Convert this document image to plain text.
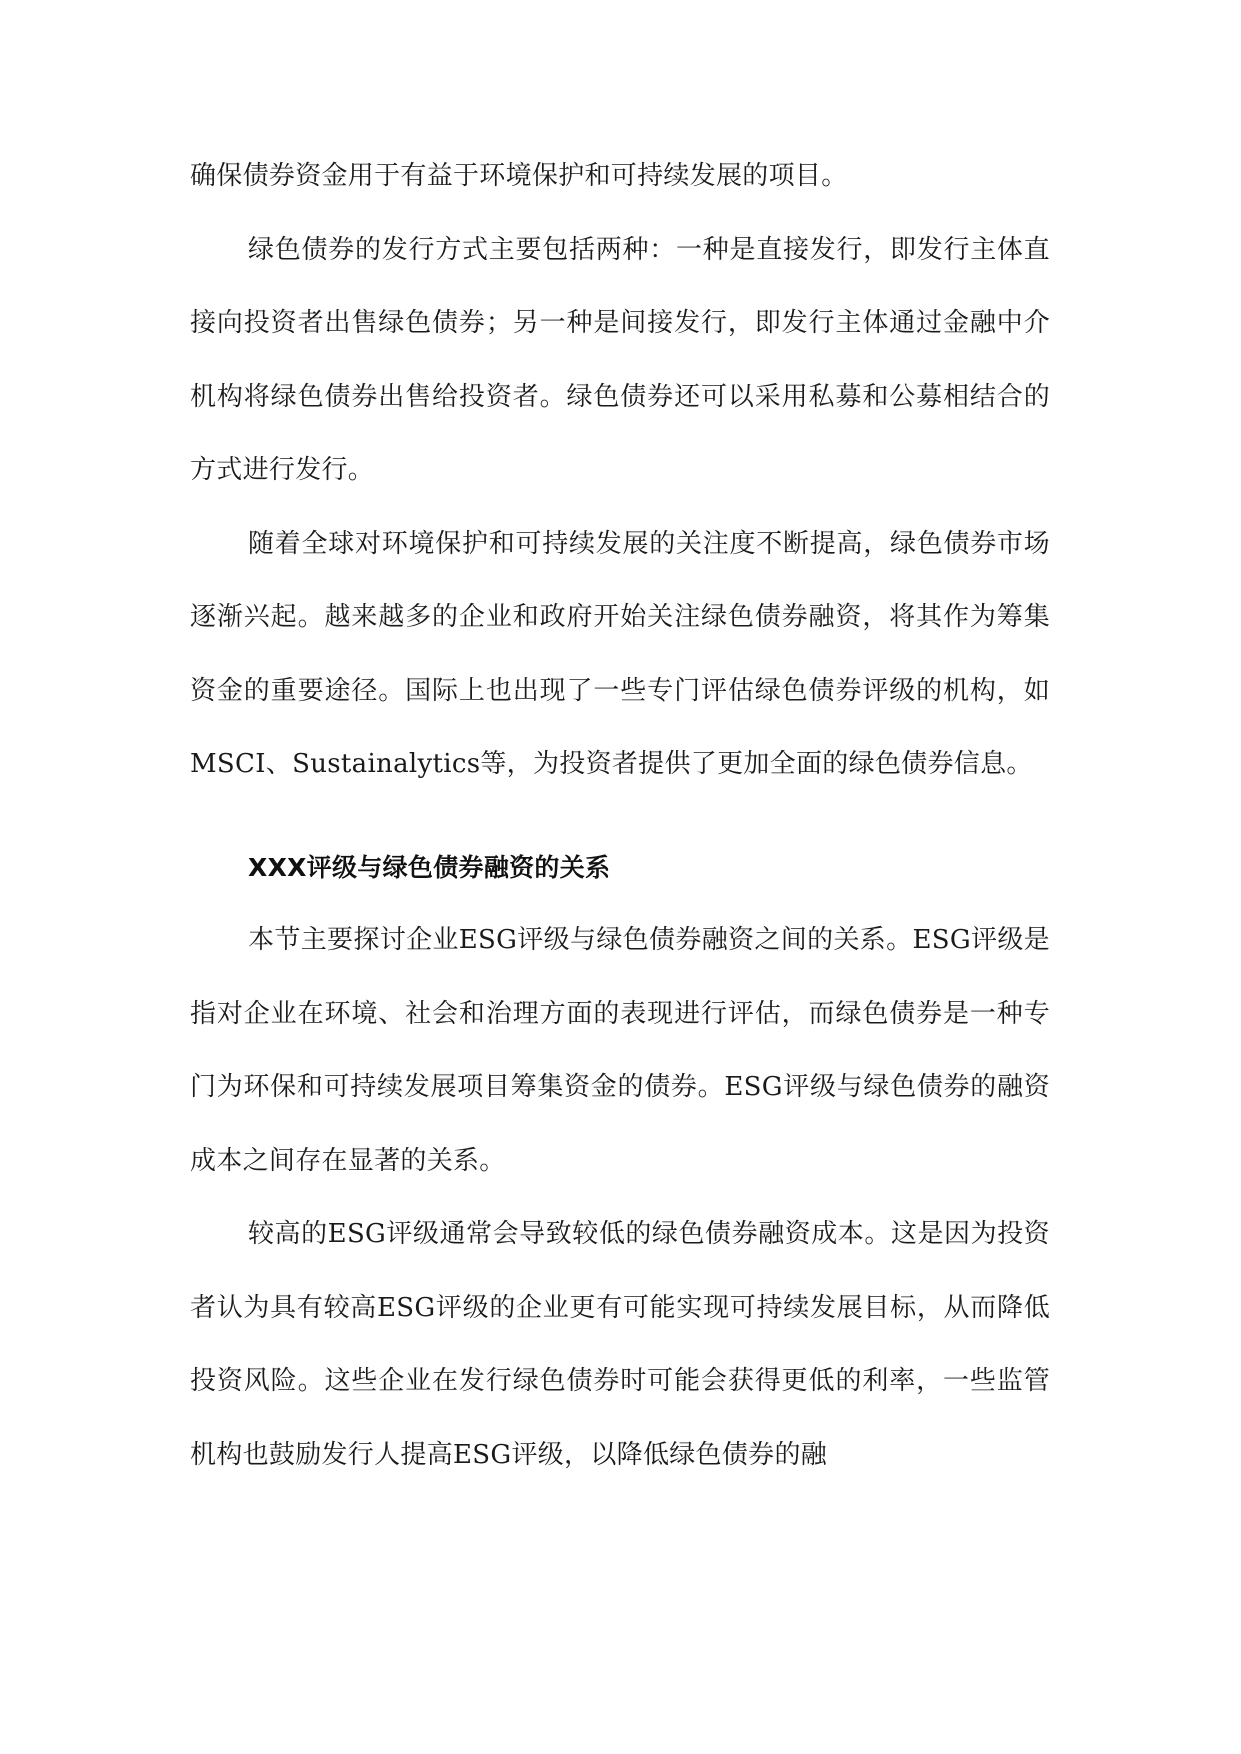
确保债券资金用于有益于环境保护和可持续发展的项目。

绿色债券的发行方式主要包括两种：一种是直接发行，即发行主体直接向投资者出售绿色债券；另一种是间接发行，即发行主体通过金融中介机构将绿色债券出售给投资者。绿色债券还可以采用私募和公募相结合的方式进行发行。

随着全球对环境保护和可持续发展的关注度不断提高，绿色债券市场逐渐兴起。越来越多的企业和政府开始关注绿色债券融资，将其作为筹集资金的重要途径。国际上也出现了一些专门评估绿色债券评级的机构，如MSCI、Sustainalytics等，为投资者提供了更加全面的绿色债券信息。

XXX评级与绿色债券融资的关系

本节主要探讨企业ESG评级与绿色债券融资之间的关系。ESG评级是指对企业在环境、社会和治理方面的表现进行评估，而绿色债券是一种专门为环保和可持续发展项目筹集资金的债券。ESG评级与绿色债券的融资成本之间存在显著的关系。

较高的ESG评级通常会导致较低的绿色债券融资成本。这是因为投资者认为具有较高ESG评级的企业更有可能实现可持续发展目标，从而降低投资风险。这些企业在发行绿色债券时可能会获得更低的利率，一些监管机构也鼓励发行人提高ESG评级，以降低绿色债券的融
